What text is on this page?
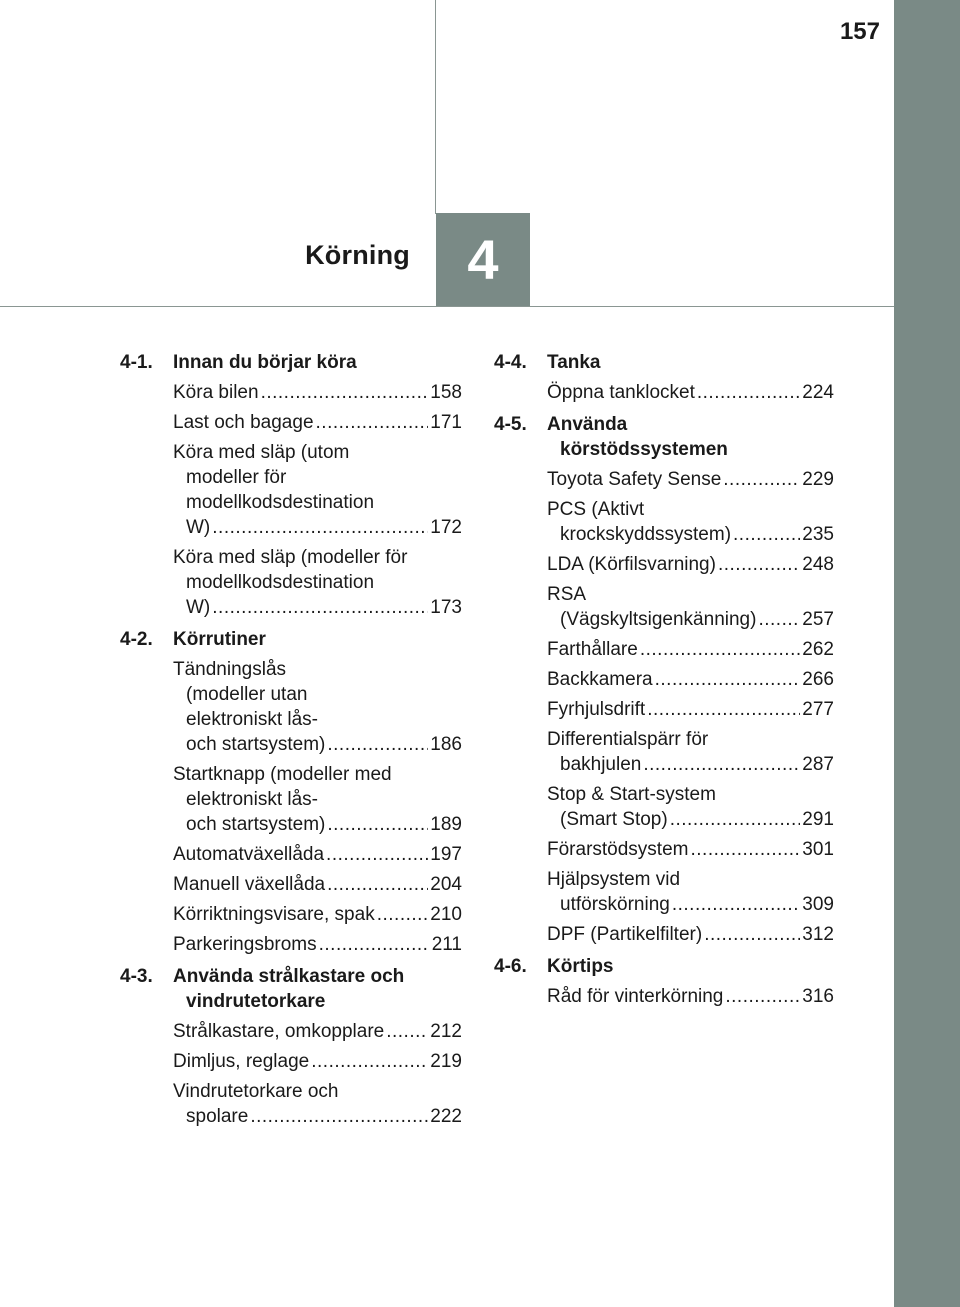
157
Körning 4
4-1.	Innan du börjar köra
Köra bilen .....	158
Last och bagage .....	171
Köra med släp (utom
modeller för
modellkodsdestination
W) .....	172
Köra med släp (modeller för
modellkodsdestination
W) .....	173
4-2.	Körrutiner
Tändningslås
(modeller utan
elektroniskt lås-
och startsystem) .....	186
Startknapp (modeller med
elektroniskt lås-
och startsystem) .....	189
Automatväxellåda .....	197
Manuell växellåda .....	204
Körriktningsvisare, spak .....	210
Parkeringsbroms .....	211
4-3.	Använda strålkastare och
vindrutetorkare
Strålkastare, omkopplare ..... 212
Dimljus, reglage .....	219
Vindrutetorkare och
spolare .....	222
4-4.	Tanka
Öppna tanklocket .....	224
4-5.	Använda
körstödssystemen
Toyota Safety Sense .....	229
PCS (Aktivt
krockskyddssystem) .....	235
LDA (Körfilsvarning) .....	248
RSA
(Vägskyltsigenkänning) ..... 257
Farthållare .....	262
Backkamera .....	266
Fyrhjulsdrift .....	277
Differentialspärr för
bakhjulen .....	287
Stop & Start-system
(Smart Stop) .....	291
Förarstödsystem .....	301
Hjälpsystem vid
utförskörning .....	309
DPF (Partikelfilter) .....	312
4-6.	Körtips
Råd för vinterkörning .....	316
